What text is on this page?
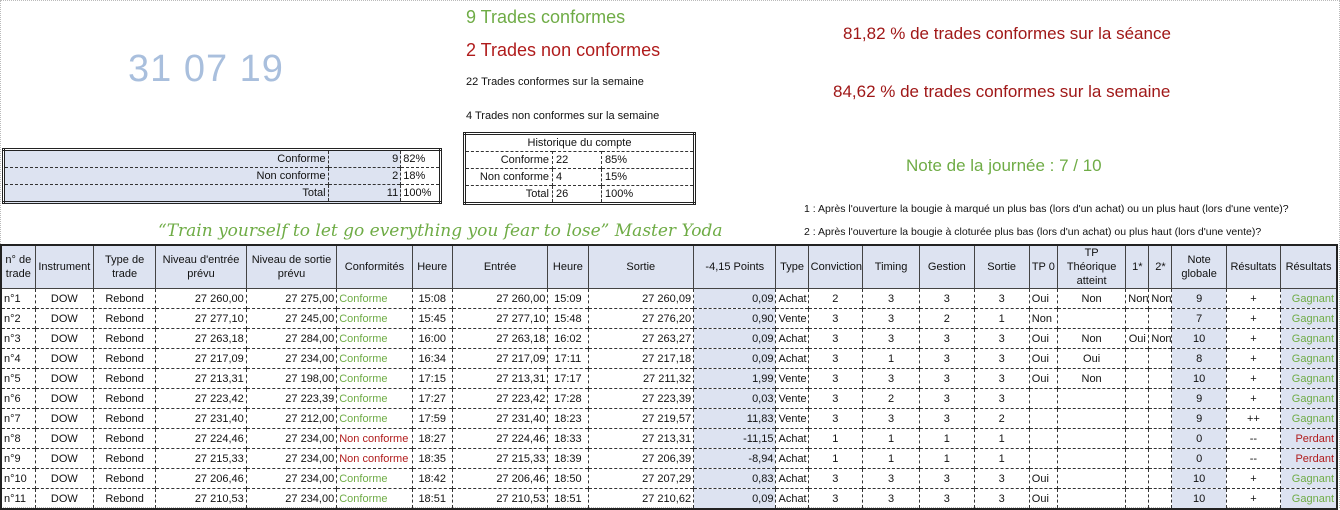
31 07 19
9 Trades conformes
2 Trades non conformes
22 Trades conformes sur la semaine
4 Trades non conformes sur la semaine
81,82 % de trades conformes sur la séance
84,62 % de trades conformes sur la semaine
Note de la journée : 7 / 10
1 : Après l'ouverture la bougie à marqué un plus bas (lors d'un achat) ou un plus haut (lors d'une vente)?
2 : Après l'ouverture la bougie à cloturée plus bas (lors d'un achat) ou plus haut (lors d'une vente)?
“Train yourself to let go everything you fear to lose” Master Yoda
Conforme	9	82%
Non conforme	2	18%
Total	11	100%
Historique du compte		
Conforme	22	85%
Non conforme	4	15%
Total	26	100%
n° de trade	Instrument	Type de trade	Niveau d'entrée prévu	Niveau de sortie prévu	Conformités	Heure	Entrée	Heure	Sortie	-4,15 Points	Type	Conviction	Timing	Gestion	Sortie	TP 0	TP Théorique atteint	1*	2*	Note globale	Résultats	Résultats
n°1	DOW	Rebond	27 260,00	27 275,00	Conforme	15:08	27 260,00	15:09	27 260,09	0,09	Achat	2	3	3	3	Oui	Non	Non	Non	9	+	Gagnant
n°2	DOW	Rebond	27 277,10	27 245,00	Conforme	15:45	27 277,10	15:48	27 276,20	0,90	Vente	3	3	2	1	Non				7	+	Gagnant
n°3	DOW	Rebond	27 263,18	27 284,00	Conforme	16:00	27 263,18	16:02	27 263,27	0,09	Achat	3	3	3	3	Oui	Non	Oui	Non	10	+	Gagnant
n°4	DOW	Rebond	27 217,09	27 234,00	Conforme	16:34	27 217,09	17:11	27 217,18	0,09	Achat	3	1	3	3	Oui	Oui			8	+	Gagnant
n°5	DOW	Rebond	27 213,31	27 198,00	Conforme	17:15	27 213,31	17:17	27 211,32	1,99	Vente	3	3	3	3	Oui	Non			10	+	Gagnant
n°6	DOW	Rebond	27 223,42	27 223,39	Conforme	17:27	27 223,42	17:28	27 223,39	0,03	Vente	3	2	3	3					9	+	Gagnant
n°7	DOW	Rebond	27 231,40	27 212,00	Conforme	17:59	27 231,40	18:23	27 219,57	11,83	Vente	3	3	3	2					9	++	Gagnant
n°8	DOW	Rebond	27 224,46	27 234,00	Non conforme	18:27	27 224,46	18:33	27 213,31	-11,15	Achat	1	1	1	1					0	--	Perdant
n°9	DOW	Rebond	27 215,33	27 234,00	Non conforme	18:35	27 215,33	18:39	27 206,39	-8,94	Achat	1	1	1	1					0	--	Perdant
n°10	DOW	Rebond	27 206,46	27 234,00	Conforme	18:42	27 206,46	18:50	27 207,29	0,83	Achat	3	3	3	3	Oui				10	+	Gagnant
n°11	DOW	Rebond	27 210,53	27 234,00	Conforme	18:51	27 210,53	18:51	27 210,62	0,09	Achat	3	3	3	3	Oui				10	+	Gagnant
